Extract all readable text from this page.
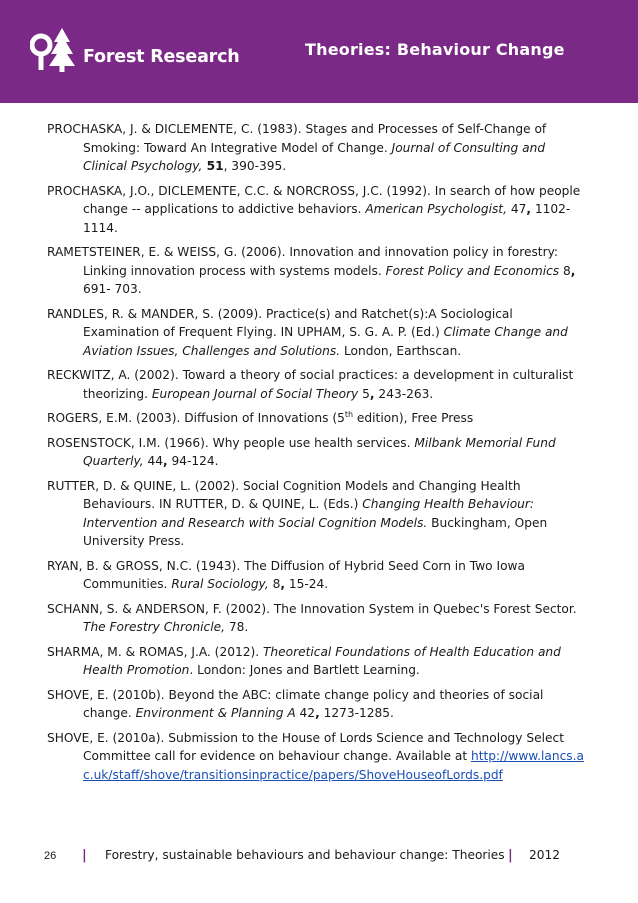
Forest Research	Theories: Behaviour Change

PROCHASKA, J. & DICLEMENTE, C. (1983). Stages and Processes of Self-Change of Smoking: Toward An Integrative Model of Change. Journal of Consulting and Clinical Psychology, 51, 390-395.

PROCHASKA, J.O., DICLEMENTE, C.C. & NORCROSS, J.C. (1992). In search of how people change -- applications to addictive behaviors. American Psychologist, 47, 1102-1114.

RAMETSTEINER, E. & WEISS, G. (2006). Innovation and innovation policy in forestry: Linking innovation process with systems models. Forest Policy and Economics 8, 691- 703.

RANDLES, R. & MANDER, S. (2009). Practice(s) and Ratchet(s):A Sociological Examination of Frequent Flying. IN UPHAM, S. G. A. P. (Ed.) Climate Change and Aviation Issues, Challenges and Solutions. London, Earthscan.

RECKWITZ, A. (2002). Toward a theory of social practices: a development in culturalist theorizing. European Journal of Social Theory 5, 243-263.

ROGERS, E.M. (2003). Diffusion of Innovations (5th edition), Free Press

ROSENSTOCK, I.M. (1966). Why people use health services. Milbank Memorial Fund Quarterly, 44, 94-124.

RUTTER, D. & QUINE, L. (2002). Social Cognition Models and Changing Health Behaviours. IN RUTTER, D. & QUINE, L. (Eds.) Changing Health Behaviour: Intervention and Research with Social Cognition Models. Buckingham, Open University Press.

RYAN, B. & GROSS, N.C. (1943). The Diffusion of Hybrid Seed Corn in Two Iowa Communities. Rural Sociology, 8, 15-24.

SCHANN, S. & ANDERSON, F. (2002). The Innovation System in Quebec's Forest Sector. The Forestry Chronicle, 78.

SHARMA, M. & ROMAS, J.A. (2012). Theoretical Foundations of Health Education and Health Promotion. London: Jones and Bartlett Learning.

SHOVE, E. (2010b). Beyond the ABC: climate change policy and theories of social change. Environment & Planning A 42, 1273-1285.

SHOVE, E. (2010a). Submission to the House of Lords Science and Technology Select Committee call for evidence on behaviour change. Available at http://www.lancs.ac.uk/staff/shove/transitionsinpractice/papers/ShoveHouseofLords.pdf

26 | Forestry, sustainable behaviours and behaviour change: Theories | 2012
